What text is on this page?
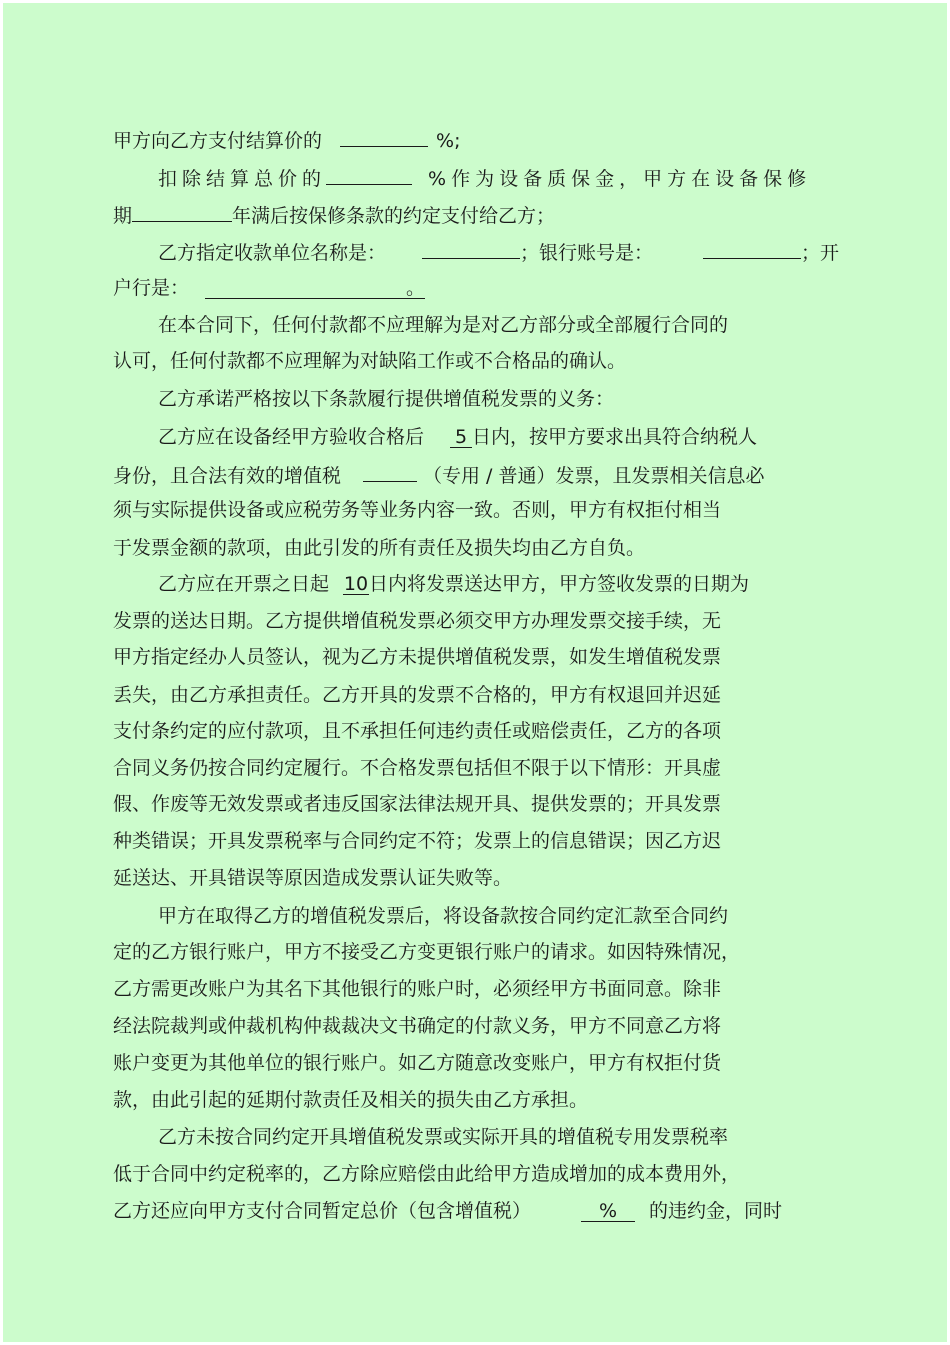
甲方向乙方支付结算价的	%;
扣除结算总价的	%作为设备质保金，甲方在设备保修
期	年满后按保修条款的约定支付给乙方；
乙方指定收款单位名称是：	；银行账号是：	；开
户行是：	。
在本合同下，任何付款都不应理解为是对乙方部分或全部履行合同的
认可，任何付款都不应理解为对缺陷工作或不合格品的确认。
乙方承诺严格按以下条款履行提供增值税发票的义务：
乙方应在设备经甲方验收合格后 5 日内，按甲方要求出具符合纳税人
身份，且合法有效的增值税	（专用 / 普通）发票，且发票相关信息必
须与实际提供设备或应税劳务等业务内容一致。否则，甲方有权拒付相当
于发票金额的款项，由此引发的所有责任及损失均由乙方自负。
乙方应在开票之日起 10日内将发票送达甲方，甲方签收发票的日期为
发票的送达日期。乙方提供增值税发票必须交甲方办理发票交接手续，无
甲方指定经办人员签认，视为乙方未提供增值税发票，如发生增值税发票
丢失，由乙方承担责任。乙方开具的发票不合格的，甲方有权退回并迟延
支付条约定的应付款项，且不承担任何违约责任或赔偿责任，乙方的各项
合同义务仍按合同约定履行。不合格发票包括但不限于以下情形：开具虚
假、作废等无效发票或者违反国家法律法规开具、提供发票的；开具发票
种类错误；开具发票税率与合同约定不符；发票上的信息错误；因乙方迟
延送达、开具错误等原因造成发票认证失败等。
甲方在取得乙方的增值税发票后，将设备款按合同约定汇款至合同约
定的乙方银行账户，甲方不接受乙方变更银行账户的请求。如因特殊情况，
乙方需更改账户为其名下其他银行的账户时，必须经甲方书面同意。除非
经法院裁判或仲裁机构仲裁裁决文书确定的付款义务，甲方不同意乙方将
账户变更为其他单位的银行账户。如乙方随意改变账户，甲方有权拒付货
款，由此引起的延期付款责任及相关的损失由乙方承担。
乙方未按合同约定开具增值税发票或实际开具的增值税专用发票税率
低于合同中约定税率的，乙方除应赔偿由此给甲方造成增加的成本费用外，
乙方还应向甲方支付合同暂定总价（包含增值税）	% 的违约金，同时
